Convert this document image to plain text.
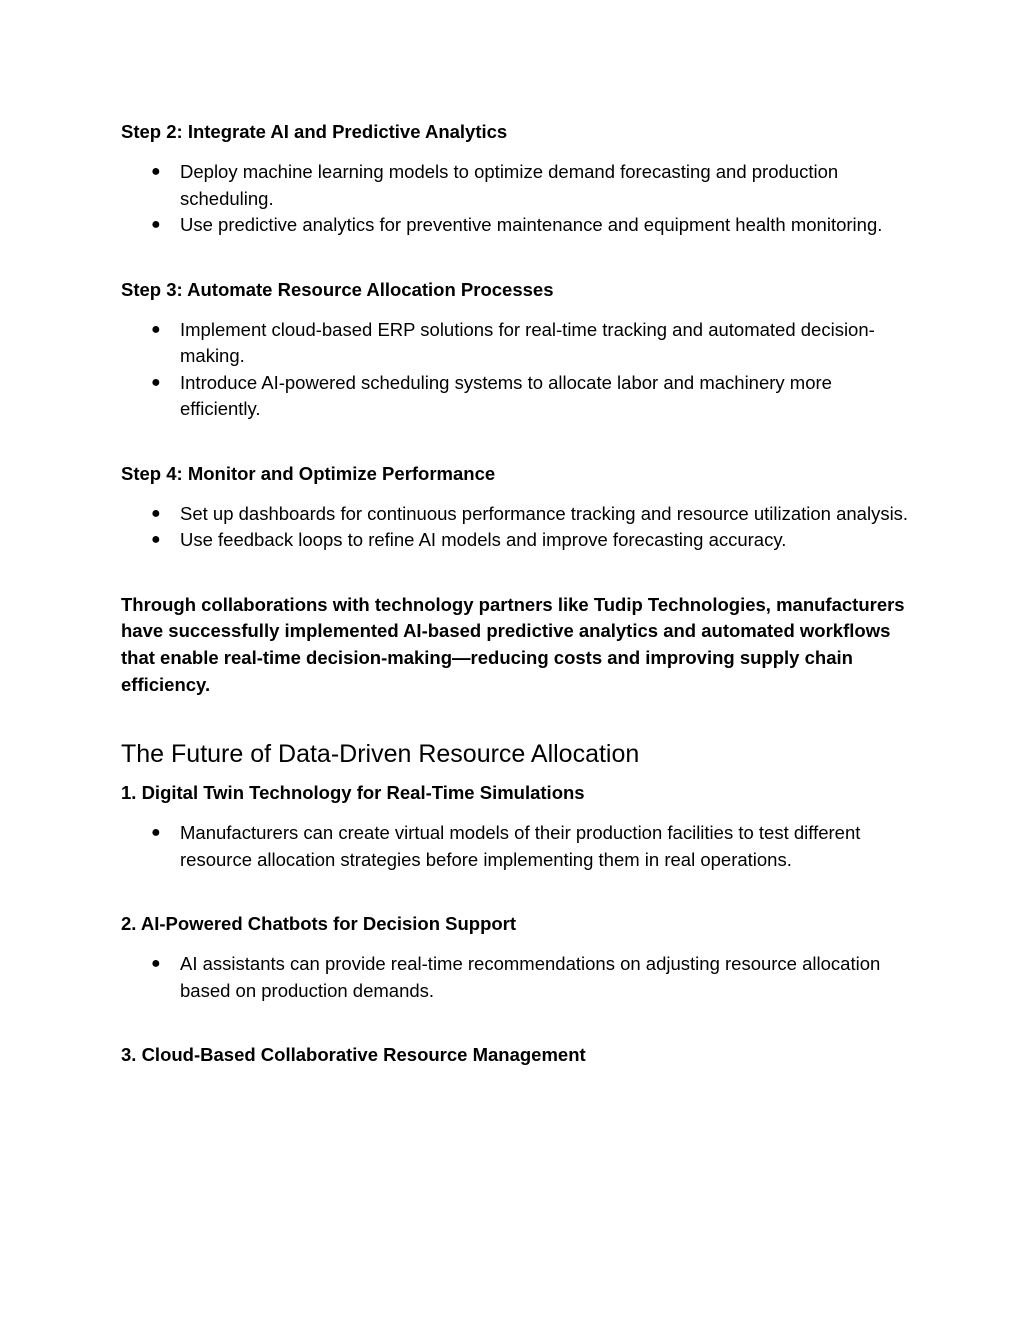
Step 2: Integrate AI and Predictive Analytics

● Deploy machine learning models to optimize demand forecasting and production scheduling.
● Use predictive analytics for preventive maintenance and equipment health monitoring.

Step 3: Automate Resource Allocation Processes

● Implement cloud-based ERP solutions for real-time tracking and automated decision-making.
● Introduce AI-powered scheduling systems to allocate labor and machinery more efficiently.

Step 4: Monitor and Optimize Performance

● Set up dashboards for continuous performance tracking and resource utilization analysis.
● Use feedback loops to refine AI models and improve forecasting accuracy.

Through collaborations with technology partners like Tudip Technologies, manufacturers have successfully implemented AI-based predictive analytics and automated workflows that enable real-time decision-making—reducing costs and improving supply chain efficiency.

The Future of Data-Driven Resource Allocation

1. Digital Twin Technology for Real-Time Simulations

● Manufacturers can create virtual models of their production facilities to test different resource allocation strategies before implementing them in real operations.

2. AI-Powered Chatbots for Decision Support

● AI assistants can provide real-time recommendations on adjusting resource allocation based on production demands.

3. Cloud-Based Collaborative Resource Management
